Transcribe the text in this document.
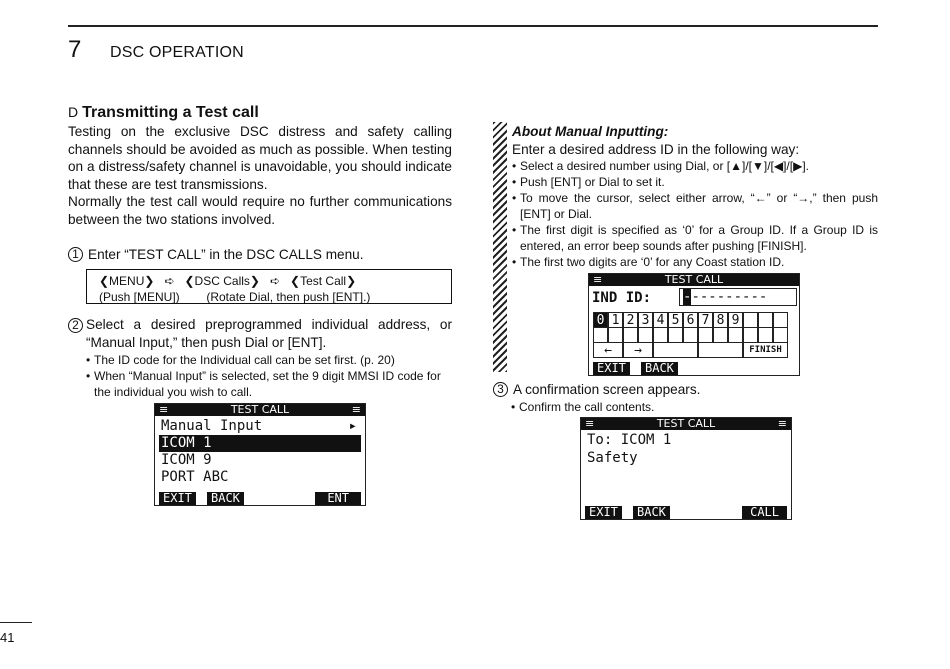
7 DSC OPERATION
D Transmitting a Test call
Testing on the exclusive DSC distress and safety calling channels should be avoided as much as possible. When testing on a distress/safety channel is unavoidable, you should indicate that these are test transmissions.
Normally the test call would require no further communications between the two stations involved.
1 Enter “TEST CALL” in the DSC CALLS menu.
❮MENU❯   ➪   ❮DSC Calls❯   ➪   ❮Test Call❯
(Push [MENU])        (Rotate Dial, then push [ENT].)
2 Select a desired preprogrammed individual address, or “Manual Input,” then push Dial or [ENT].
• The ID code for the Individual call can be set first. (p. 20)
• When “Manual Input” is selected, set the 9 digit MMSI ID code for the individual you wish to call.
≡	TEST CALL	≡
Manual Input	▸
ICOM 1
ICOM 9
PORT ABC
EXIT	BACK	ENT
About Manual Inputting:
Enter a desired address ID in the following way:
• Select a desired number using Dial, or [▲]/[▼]/[◀]/[▶].
• Push [ENT] or Dial to set it.
• To move the cursor, select either arrow, “←” or “→,” then push [ENT] or Dial.
• The first digit is specified as ‘0’ for a Group ID. If a Group ID is entered, an error beep sounds after pushing [FINISH].
• The first two digits are ‘0’ for any Coast station ID.
≡	TEST CALL
IND ID: ----------
0 1 2 3 4 5 6 7 8 9
←	→	FINISH
EXIT	BACK
3 A confirmation screen appears.
• Confirm the call contents.
≡	TEST CALL	≡
To: ICOM 1
Safety
EXIT	BACK	CALL
41
